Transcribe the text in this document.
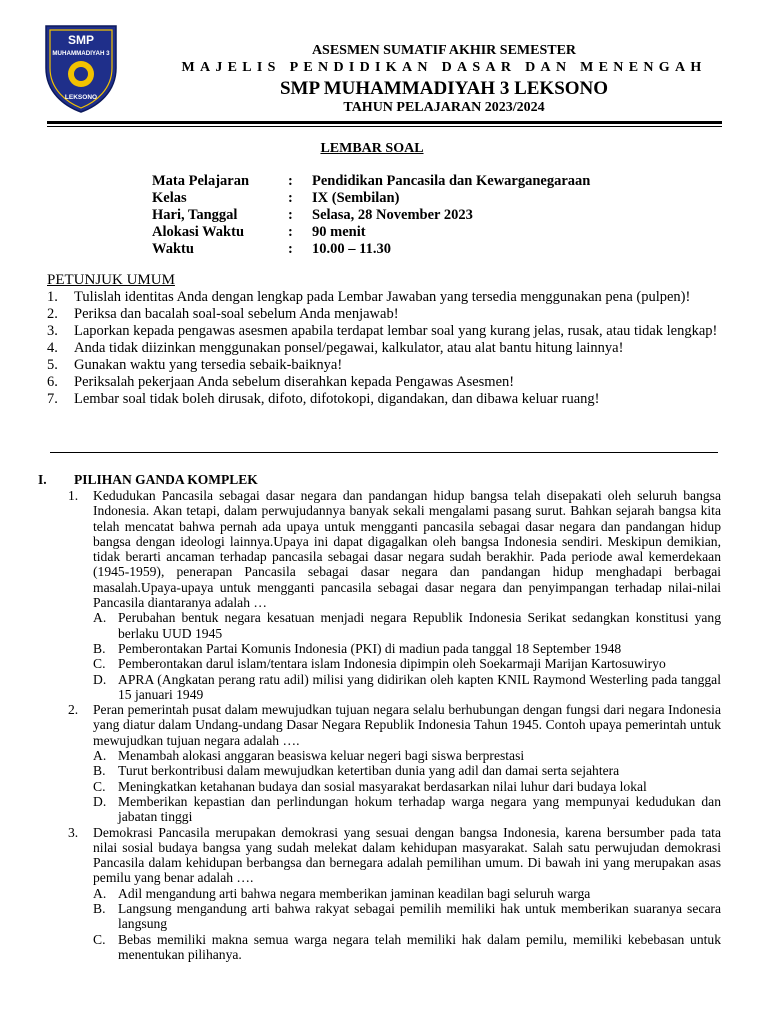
SMP
MUHAMMADIYAH 3
LEKSONO

ASESMEN SUMATIF AKHIR SEMESTER

MAJELIS PENDIDIKAN DASAR DAN MENENGAH

SMP MUHAMMADIYAH 3 LEKSONO

TAHUN PELAJARAN 2023/2024

LEMBAR SOAL

Mata Pelajaran	:	Pendidikan Pancasila dan Kewarganegaraan
Kelas	:	IX (Sembilan)
Hari, Tanggal	:	Selasa, 28 November 2023
Alokasi Waktu	:	90 menit
Waktu	:	10.00 – 11.30

PETUNJUK UMUM

1. Tulislah identitas Anda dengan lengkap pada Lembar Jawaban yang tersedia menggunakan pena (pulpen)!
2. Periksa dan bacalah soal-soal sebelum Anda menjawab!
3. Laporkan kepada pengawas asesmen apabila terdapat lembar soal yang kurang jelas, rusak, atau tidak lengkap!
4. Anda tidak diizinkan menggunakan ponsel/pegawai, kalkulator, atau alat bantu hitung lainnya!
5. Gunakan waktu yang tersedia sebaik-baiknya!
6. Periksalah pekerjaan Anda sebelum diserahkan kepada Pengawas Asesmen!
7. Lembar soal tidak boleh dirusak, difoto, difotokopi, digandakan, dan dibawa keluar ruang!

I. PILIHAN GANDA KOMPLEK

1. Kedudukan Pancasila sebagai dasar negara dan pandangan hidup bangsa telah disepakati oleh seluruh bangsa Indonesia. Akan tetapi, dalam perwujudannya banyak sekali mengalami pasang surut. Bahkan sejarah bangsa kita telah mencatat bahwa pernah ada upaya untuk mengganti pancasila sebagai dasar negara dan pandangan hidup bangsa dengan ideologi lainnya.Upaya ini dapat digagalkan oleh bangsa Indonesia sendiri. Meskipun demikian, tidak berarti ancaman terhadap pancasila sebagai dasar negara sudah berakhir. Pada periode awal kemerdekaan (1945-1959), penerapan Pancasila sebagai dasar negara dan pandangan hidup menghadapi berbagai masalah.Upaya-upaya untuk mengganti pancasila sebagai dasar negara dan penyimpangan terhadap nilai-nilai Pancasila diantaranya adalah …
A. Perubahan bentuk negara kesatuan menjadi negara Republik Indonesia Serikat sedangkan konstitusi yang berlaku UUD 1945
B. Pemberontakan Partai Komunis Indonesia (PKI) di madiun pada tanggal 18 September 1948
C. Pemberontakan darul islam/tentara islam Indonesia dipimpin oleh Soekarmaji Marijan Kartosuwiryo
D. APRA (Angkatan perang ratu adil) milisi yang didirikan oleh kapten KNIL Raymond Westerling pada tanggal 15 januari 1949
2. Peran pemerintah pusat dalam mewujudkan tujuan negara selalu berhubungan dengan fungsi dari negara Indonesia yang diatur dalam Undang-undang Dasar Negara Republik Indonesia Tahun 1945. Contoh upaya pemerintah untuk mewujudkan tujuan negara adalah ….
A. Menambah alokasi anggaran beasiswa keluar negeri bagi siswa berprestasi
B. Turut berkontribusi dalam mewujudkan ketertiban dunia yang adil dan damai serta sejahtera
C. Meningkatkan ketahanan budaya dan sosial masyarakat berdasarkan nilai luhur dari budaya lokal
D. Memberikan kepastian dan perlindungan hokum terhadap warga negara yang mempunyai kedudukan dan jabatan tinggi
3. Demokrasi Pancasila merupakan demokrasi yang sesuai dengan bangsa Indonesia, karena bersumber pada tata nilai sosial budaya bangsa yang sudah melekat dalam kehidupan masyarakat. Salah satu perwujudan demokrasi Pancasila dalam kehidupan berbangsa dan bernegara adalah pemilihan umum. Di bawah ini yang merupakan asas pemilu yang benar adalah ….
A. Adil mengandung arti bahwa negara memberikan jaminan keadilan bagi seluruh warga
B. Langsung mengandung arti bahwa rakyat sebagai pemilih memiliki hak untuk memberikan suaranya secara langsung
C. Bebas memiliki makna semua warga negara telah memiliki hak dalam pemilu, memiliki kebebasan untuk menentukan pilihanya.
